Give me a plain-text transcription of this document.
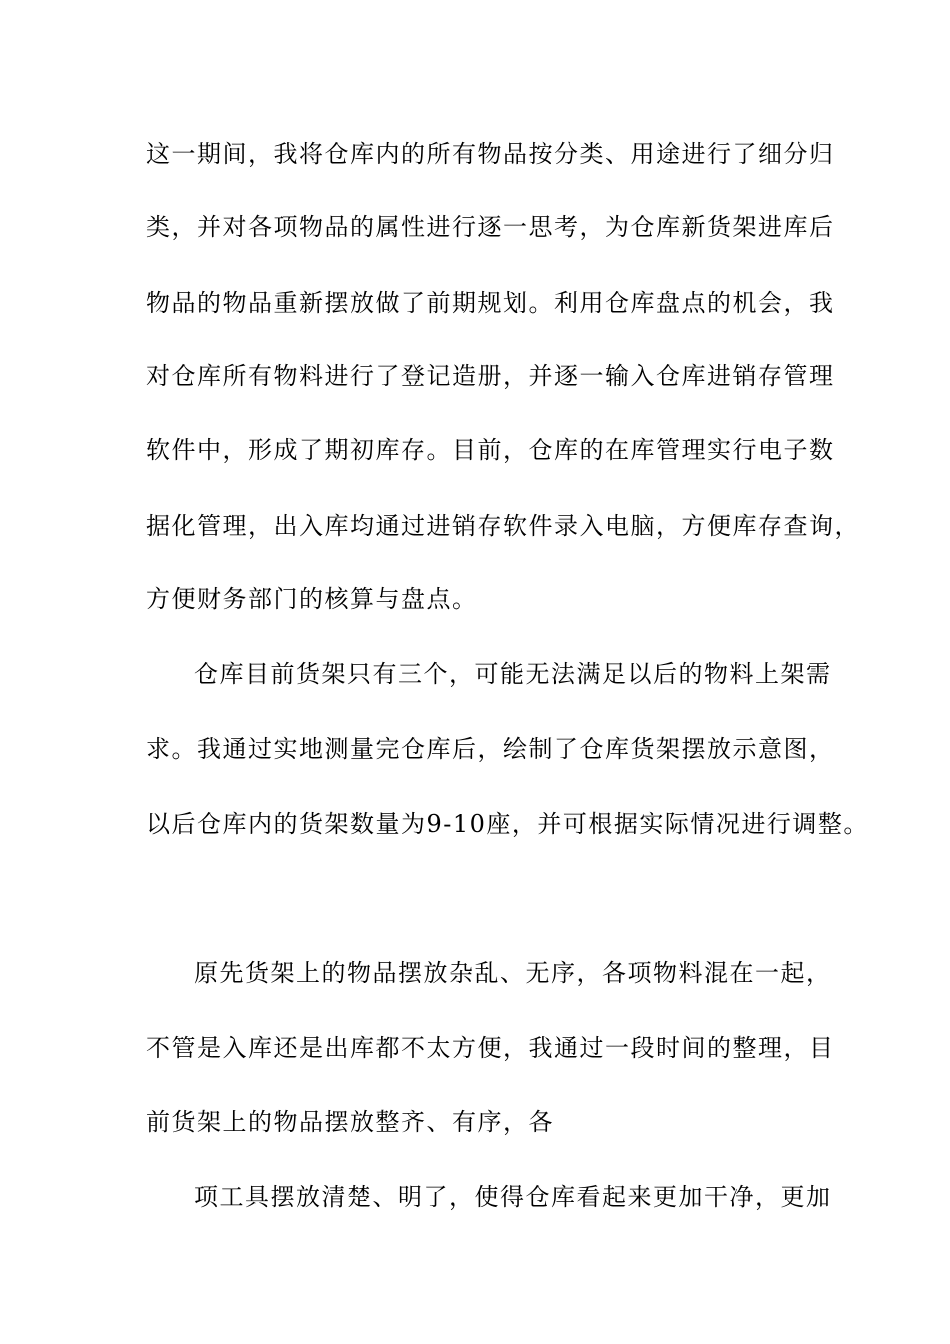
这一期间，我将仓库内的所有物品按分类、用途进行了细分归

类，并对各项物品的属性进行逐一思考，为仓库新货架进库后

物品的物品重新摆放做了前期规划。利用仓库盘点的机会，我

对仓库所有物料进行了登记造册，并逐一输入仓库进销存管理

软件中，形成了期初库存。目前，仓库的在库管理实行电子数

据化管理，出入库均通过进销存软件录入电脑，方便库存查询，

方便财务部门的核算与盘点。

仓库目前货架只有三个，可能无法满足以后的物料上架需

求。我通过实地测量完仓库后，绘制了仓库货架摆放示意图，

以后仓库内的货架数量为9-10座，并可根据实际情况进行调整。

原先货架上的物品摆放杂乱、无序，各项物料混在一起，

不管是入库还是出库都不太方便，我通过一段时间的整理，目

前货架上的物品摆放整齐、有序，各

项工具摆放清楚、明了，使得仓库看起来更加干净，更加
